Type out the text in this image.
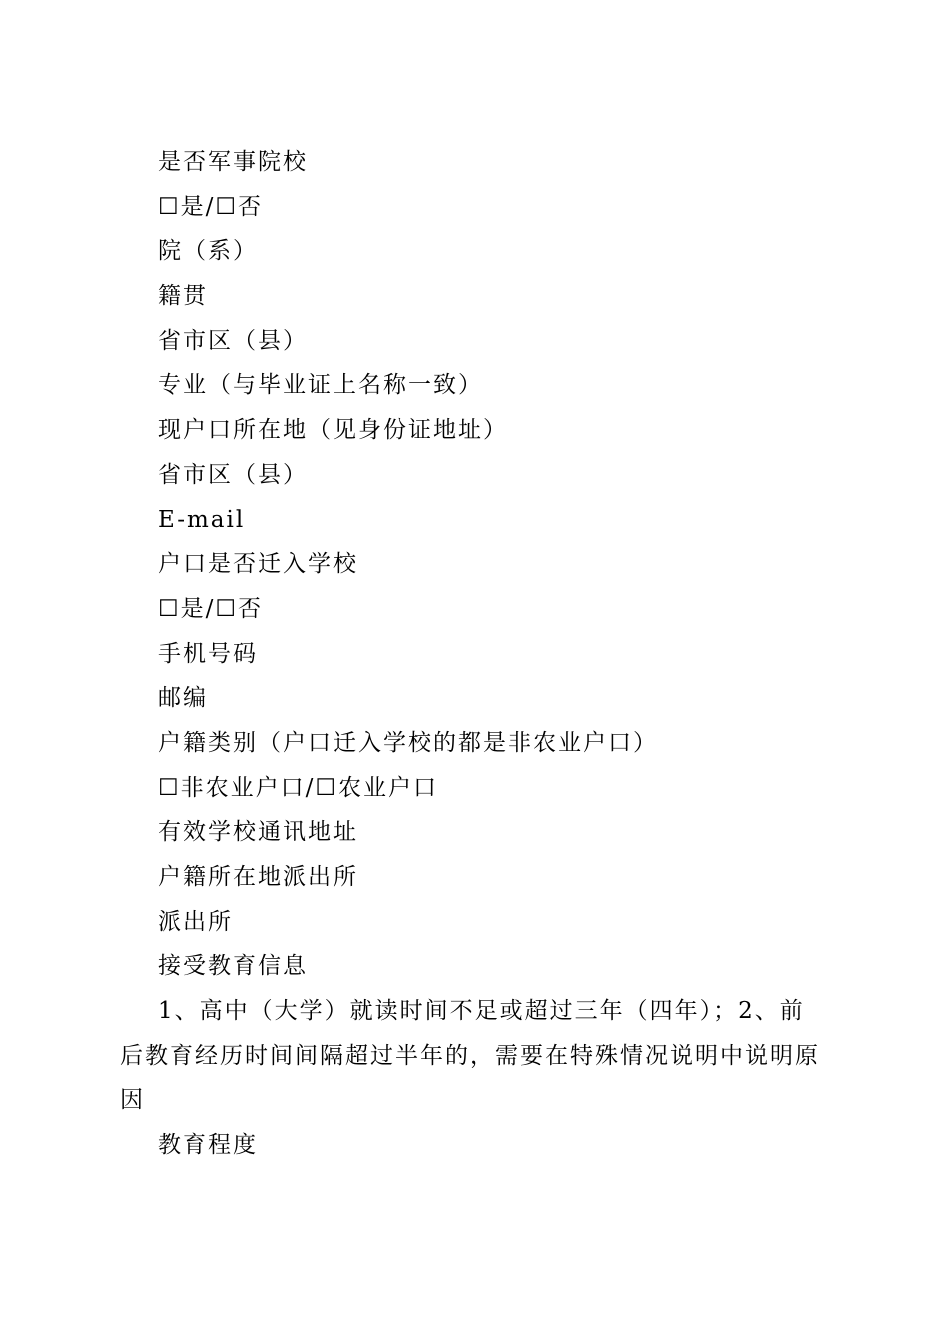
是否军事院校

☐是/☐否

院（系）

籍贯

省市区（县）

专业（与毕业证上名称一致）

现户口所在地（见身份证地址）

省市区（县）

E-mail

户口是否迁入学校

☐是/☐否

手机号码

邮编

户籍类别（户口迁入学校的都是非农业户口）

☐非农业户口/☐农业户口

有效学校通讯地址

户籍所在地派出所

派出所

接受教育信息

1、高中（大学）就读时间不足或超过三年（四年）；2、前后教育经历时间间隔超过半年的，需要在特殊情况说明中说明原因

教育程度
